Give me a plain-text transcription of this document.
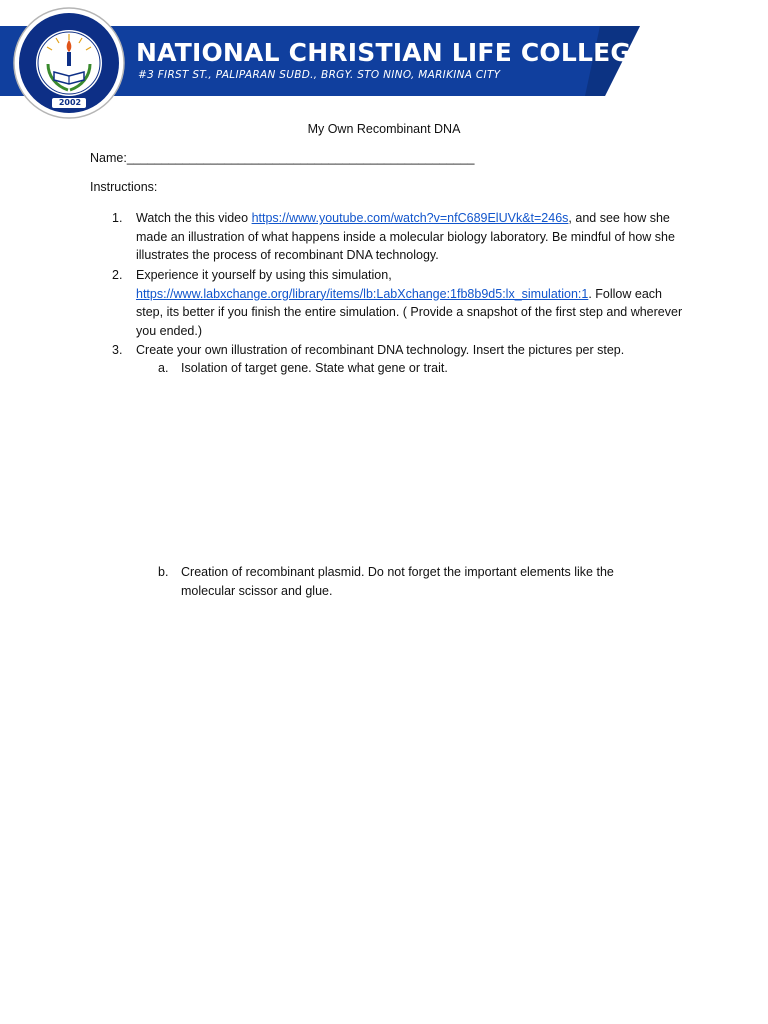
NATIONAL CHRISTIAN LIFE COLLEGE
#3 FIRST ST., PALIPARAN SUBD., BRGY. STO NINO, MARIKINA CITY
2002
My Own Recombinant DNA
Name:__________________________________________________
Instructions:
1.	Watch the this video https://www.youtube.com/watch?v=nfC689ElUVk&t=246s, and see how she made an illustration of what happens inside a molecular biology laboratory. Be mindful of how she illustrates the process of recombinant DNA technology.
2.	Experience it yourself by using this simulation, https://www.labxchange.org/library/items/lb:LabXchange:1fb8b9d5:lx_simulation:1. Follow each step, its better if you finish the entire simulation. ( Provide a snapshot of the first step and wherever you ended.)
3.	Create your own illustration of recombinant DNA technology. Insert the pictures per step.
a.	Isolation of target gene. State what gene or trait.
b.	Creation of recombinant plasmid. Do not forget the important elements like the molecular scissor and glue.
